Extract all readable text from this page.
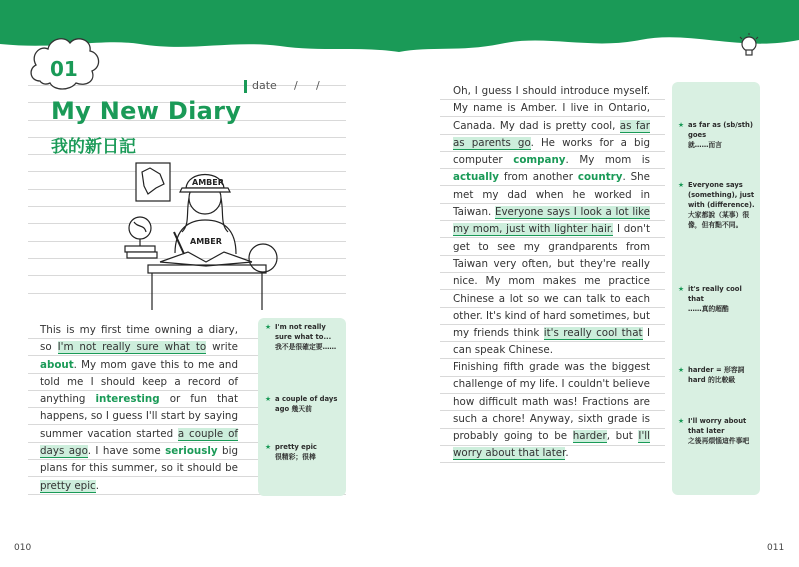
01
date / /
My New Diary
我的新日記
AMBER
AMBER
This is my first time owning a diary, so I'm not really sure what to write about. My mom gave this to me and told me I should keep a record of anything interesting or fun that happens, so I guess I'll start by saying summer vacation started a couple of days ago. I have some seriously big plans for this summer, so it should be pretty epic.
★ I'm not really sure what to...
我不是很確定要……
★ a couple of days ago 幾天前
★ pretty epic
很精彩；很棒
Oh, I guess I should introduce myself. My name is Amber. I live in Ontario, Canada. My dad is pretty cool, as far as parents go. He works for a big computer company. My mom is actually from another country. She met my dad when he worked in Taiwan. Everyone says I look a lot like my mom, just with lighter hair. I don't get to see my grandparents from Taiwan very often, but they're really nice. My mom makes me practice Chinese a lot so we can talk to each other. It's kind of hard sometimes, but my friends think it's really cool that I can speak Chinese.
Finishing fifth grade was the biggest challenge of my life. I couldn't believe how difficult math was! Fractions are such a chore! Anyway, sixth grade is probably going to be harder, but I'll worry about that later.
★ as far as (sb/sth) goes
就……而言
★ Everyone says (something), just with (difference).
大家都說（某事）很像，但有點不同。
★ it's really cool that
……真的超酷
★ harder = 形容詞 hard 的比較級
★ I'll worry about that later
之後再煩惱這件事吧
010	011
